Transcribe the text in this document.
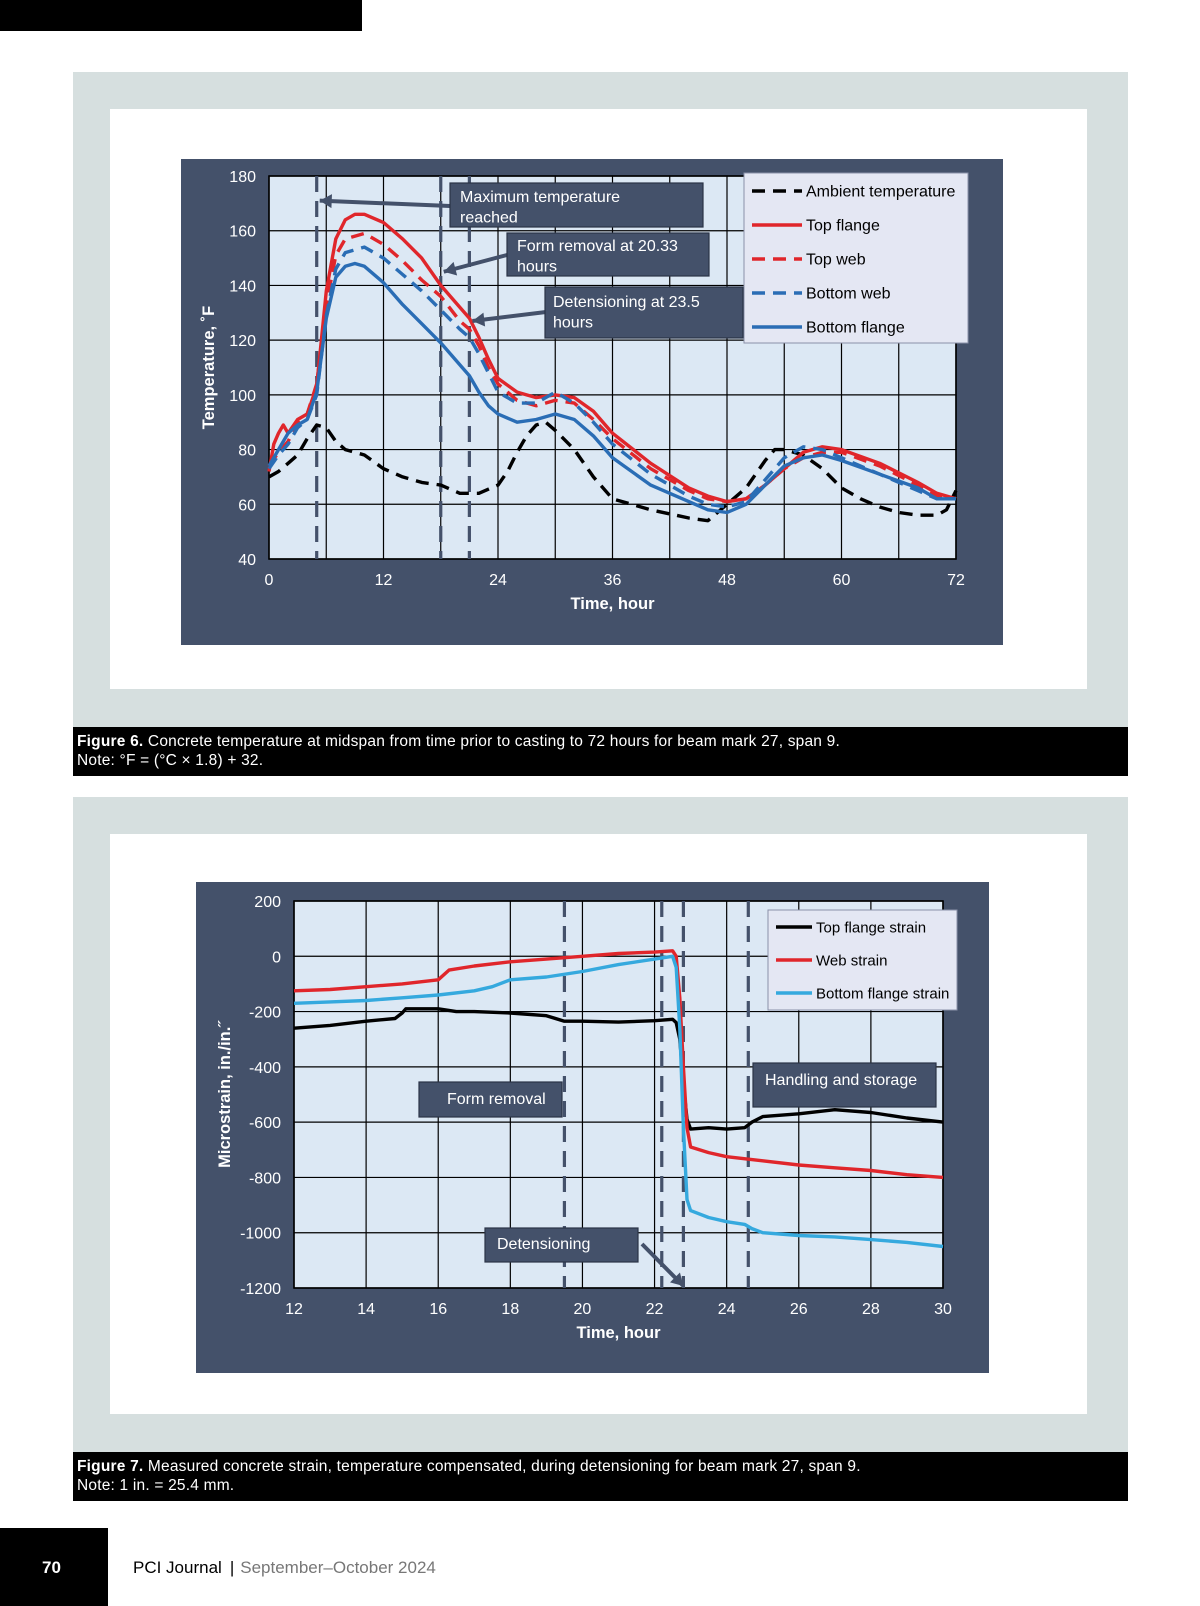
0	12	24	36	48	60	72
40
60
80
100
120
140
160
180
Time, hour
Temperature, ˚F
Ambient temperature
Top flange
Top web
Bottom web
Bottom flange
Maximum temperature
reached
Form removal at 20.33
hours
Detensioning at 23.5
hours
Figure 6. Concrete temperature at midspan from time prior to casting to 72 hours for beam mark 27, span 9.
Note: °F = (°C × 1.8) + 32.
12	14	16	18	20	22	24	26	28	30
200
0
-200
-400
-600
-800
-1000
-1200
Time, hour
Microstrain, in./in.˝
Top flange strain
Web strain
Bottom flange strain
Form removal
Handling and storage
Detensioning
Figure 7. Measured concrete strain, temperature compensated, during detensioning for beam mark 27, span 9.
Note: 1 in. = 25.4 mm.
70	PCI Journal | September–October 2024
